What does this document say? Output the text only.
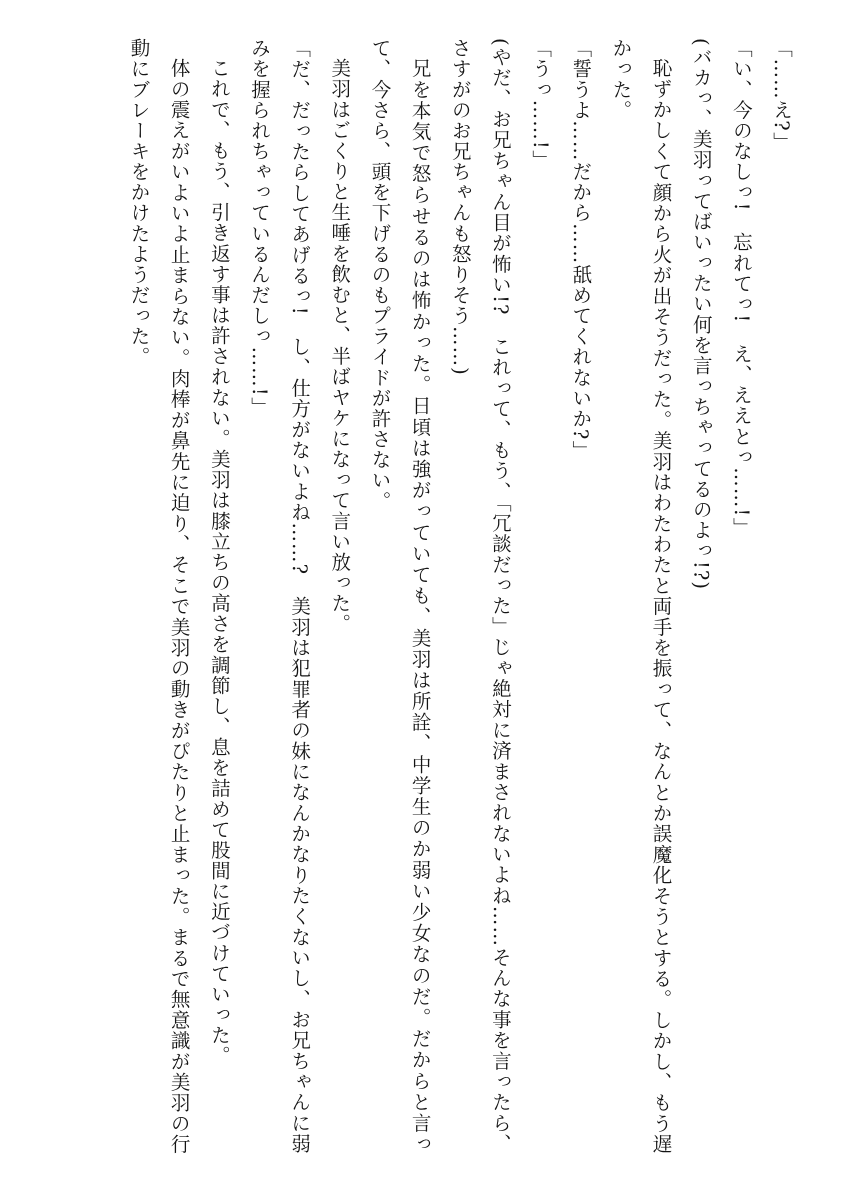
「……え?」

「い、今のなしっ!　忘れてっ!　え、ええとっ……!」

(バカっ、美羽ってばいったい何を言っちゃってるのよっ!?)

恥ずかしくて顔から火が出そうだった。美羽はわたわたと両手を振って、なんとか誤魔化そうとする。しかし、もう遅かった。

「誓うよ……だから……舐めてくれないか?」

「うっ……!」

(やだ、お兄ちゃん目が怖い!?　これって、もう、「冗談だった」じゃ絶対に済まされないよね……そんな事を言ったら、さすがのお兄ちゃんも怒りそう……)

兄を本気で怒らせるのは怖かった。日頃は強がっていても、美羽は所詮、中学生のか弱い少女なのだ。だからと言って、今さら、頭を下げるのもプライドが許さない。

美羽はごくりと生唾を飲むと、半ばヤケになって言い放った。

「だ、だったらしてあげるっ!　し、仕方がないよね……?　美羽は犯罪者の妹になんかなりたくないし、お兄ちゃんに弱みを握られちゃっているんだしっ……!」

これで、もう、引き返す事は許されない。美羽は膝立ちの高さを調節し、息を詰めて股間に近づけていった。

体の震えがいよいよ止まらない。肉棒が鼻先に迫り、そこで美羽の動きがぴたりと止まった。まるで無意識が美羽の行動にブレーキをかけたようだった。
